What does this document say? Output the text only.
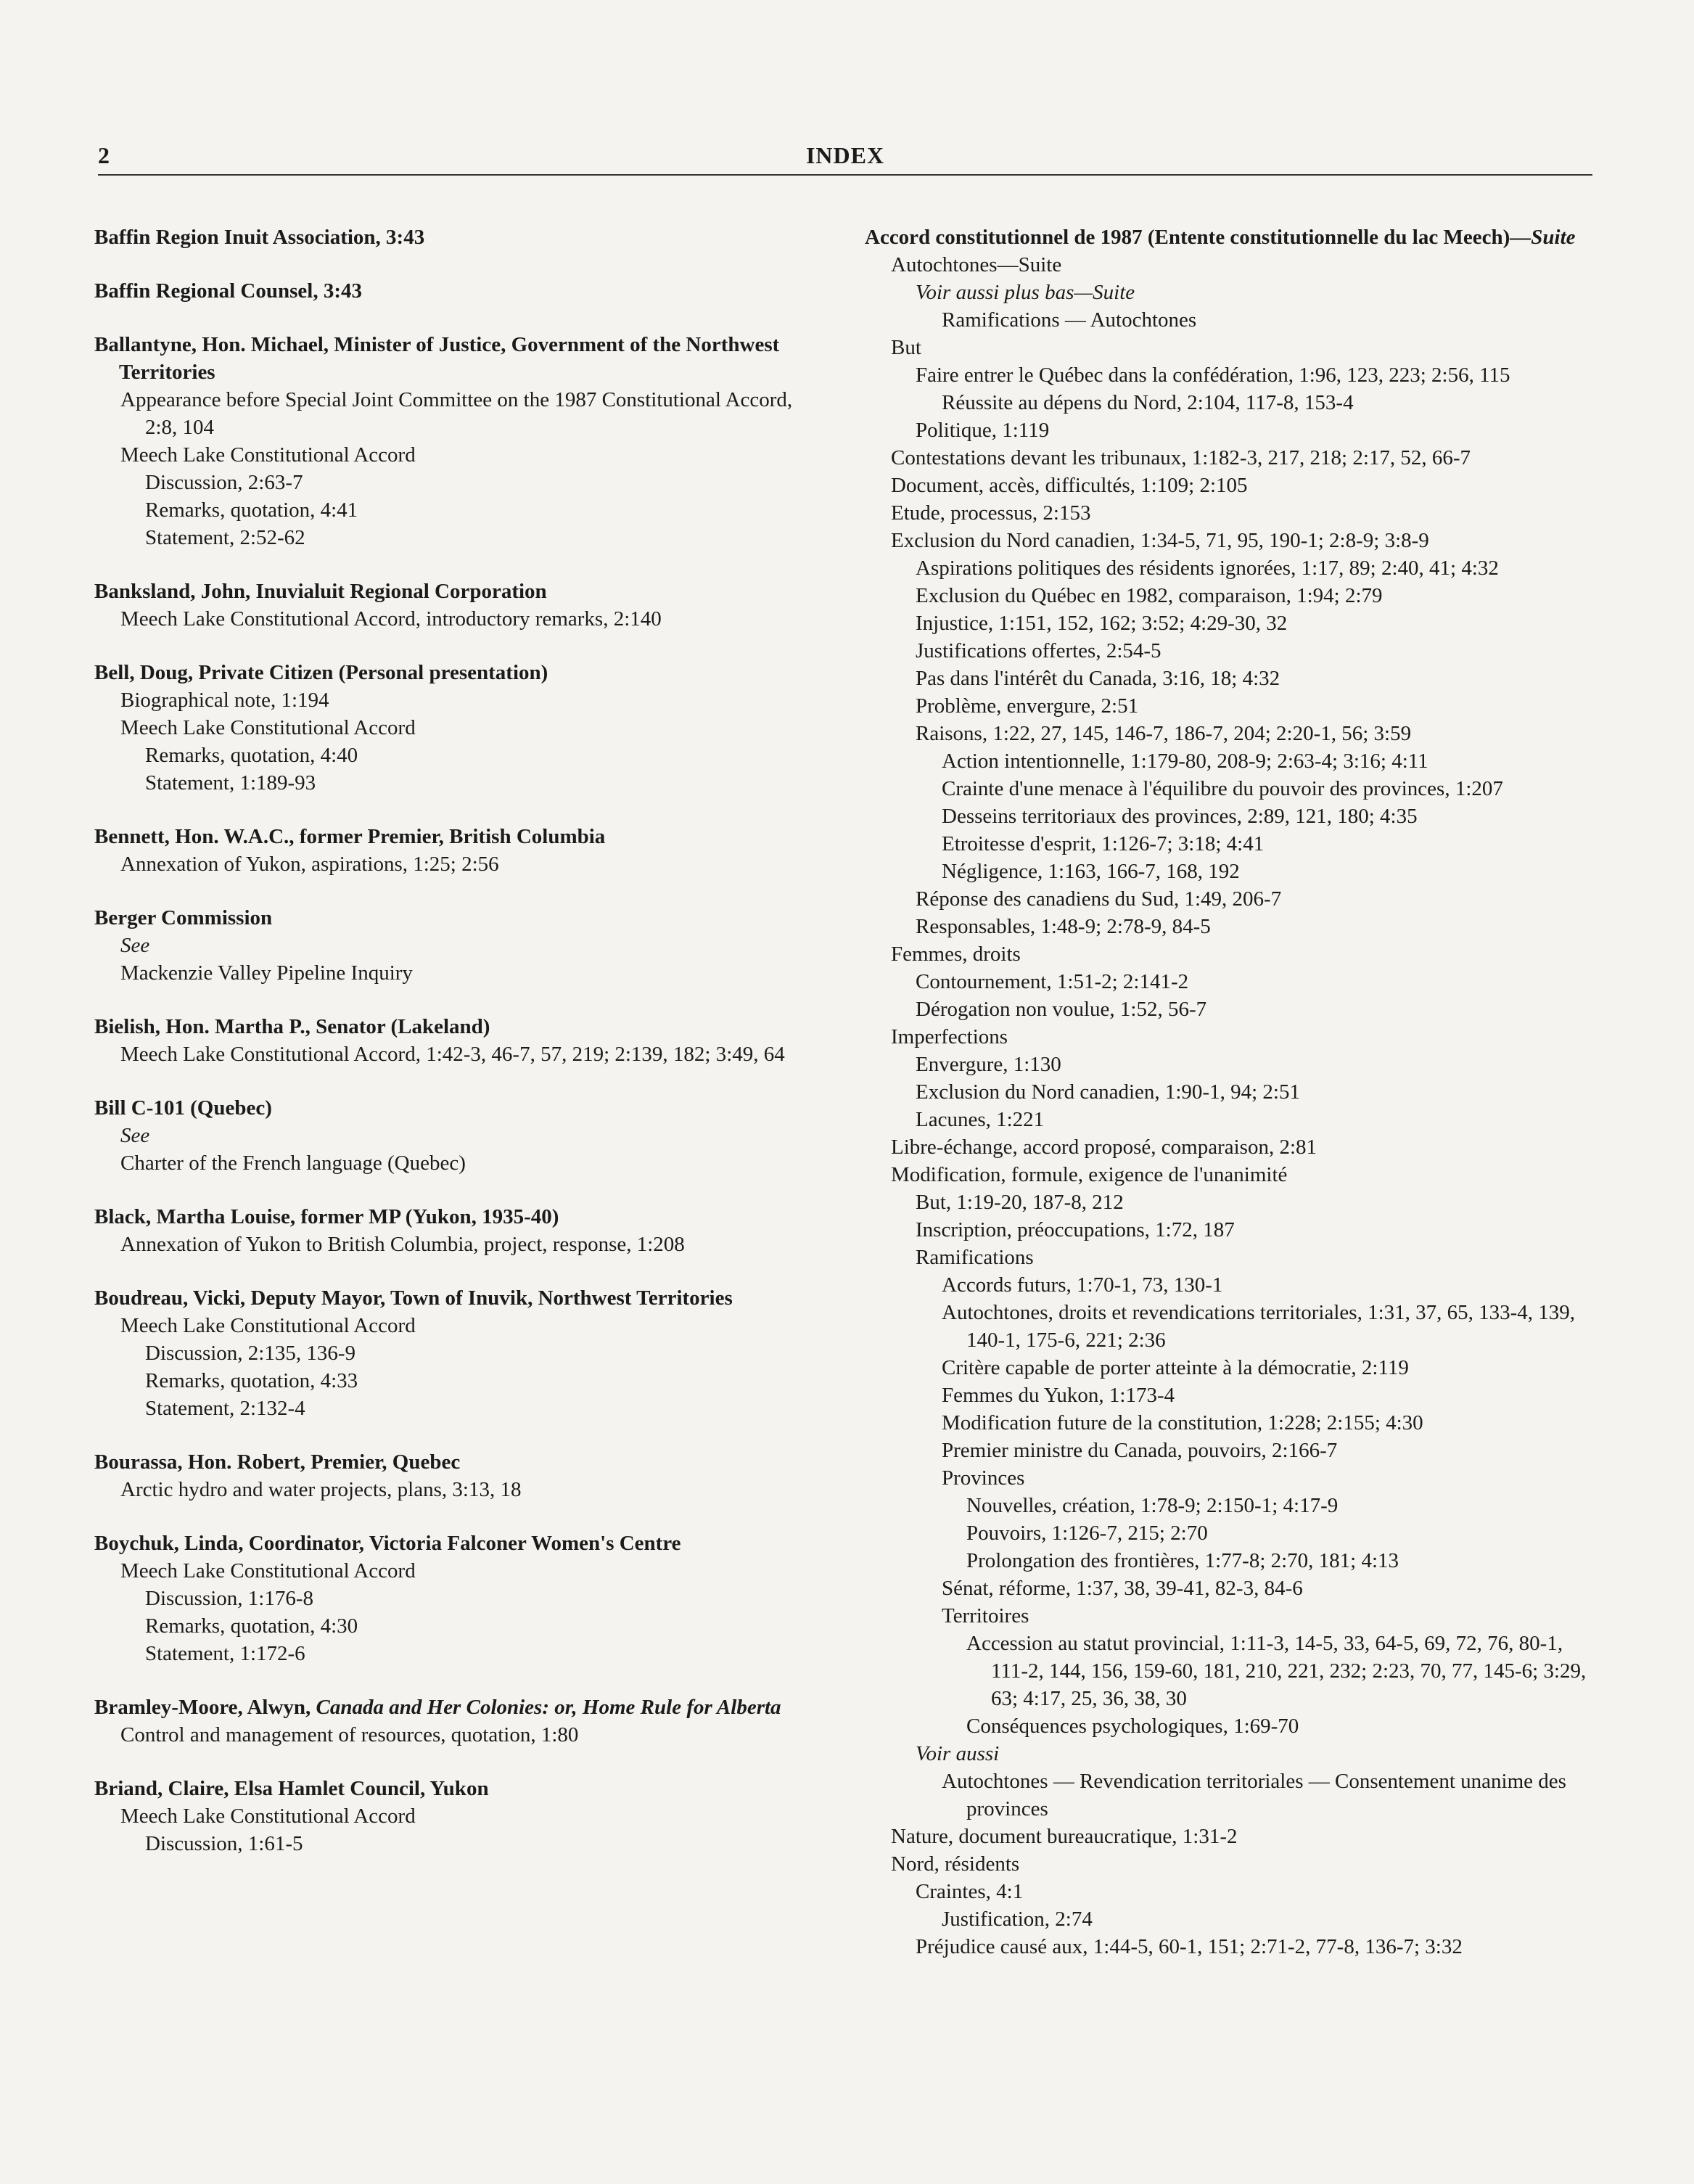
2	INDEX
Baffin Region Inuit Association, 3:43
Baffin Regional Counsel, 3:43
Ballantyne, Hon. Michael, Minister of Justice, Government of the Northwest Territories
Appearance before Special Joint Committee on the 1987 Constitutional Accord, 2:8, 104
Meech Lake Constitutional Accord
Discussion, 2:63-7
Remarks, quotation, 4:41
Statement, 2:52-62
Banksland, John, Inuvialuit Regional Corporation
Meech Lake Constitutional Accord, introductory remarks, 2:140
Bell, Doug, Private Citizen (Personal presentation)
Biographical note, 1:194
Meech Lake Constitutional Accord
Remarks, quotation, 4:40
Statement, 1:189-93
Bennett, Hon. W.A.C., former Premier, British Columbia
Annexation of Yukon, aspirations, 1:25; 2:56
Berger Commission
See
Mackenzie Valley Pipeline Inquiry
Bielish, Hon. Martha P., Senator (Lakeland)
Meech Lake Constitutional Accord, 1:42-3, 46-7, 57, 219; 2:139, 182; 3:49, 64
Bill C-101 (Quebec)
See
Charter of the French language (Quebec)
Black, Martha Louise, former MP (Yukon, 1935-40)
Annexation of Yukon to British Columbia, project, response, 1:208
Boudreau, Vicki, Deputy Mayor, Town of Inuvik, Northwest Territories
Meech Lake Constitutional Accord
Discussion, 2:135, 136-9
Remarks, quotation, 4:33
Statement, 2:132-4
Bourassa, Hon. Robert, Premier, Quebec
Arctic hydro and water projects, plans, 3:13, 18
Boychuk, Linda, Coordinator, Victoria Falconer Women's Centre
Meech Lake Constitutional Accord
Discussion, 1:176-8
Remarks, quotation, 4:30
Statement, 1:172-6
Bramley-Moore, Alwyn, Canada and Her Colonies: or, Home Rule for Alberta
Control and management of resources, quotation, 1:80
Briand, Claire, Elsa Hamlet Council, Yukon
Meech Lake Constitutional Accord
Discussion, 1:61-5
Accord constitutionnel de 1987 (Entente constitutionnelle du lac Meech)—Suite
Autochtones—Suite
Voir aussi plus bas—Suite
Ramifications — Autochtones
But
Faire entrer le Québec dans la confédération, 1:96, 123, 223; 2:56, 115
Réussite au dépens du Nord, 2:104, 117-8, 153-4
Politique, 1:119
Contestations devant les tribunaux, 1:182-3, 217, 218; 2:17, 52, 66-7
Document, accès, difficultés, 1:109; 2:105
Etude, processus, 2:153
Exclusion du Nord canadien, 1:34-5, 71, 95, 190-1; 2:8-9; 3:8-9
Aspirations politiques des résidents ignorées, 1:17, 89; 2:40, 41; 4:32
Exclusion du Québec en 1982, comparaison, 1:94; 2:79
Injustice, 1:151, 152, 162; 3:52; 4:29-30, 32
Justifications offertes, 2:54-5
Pas dans l'intérêt du Canada, 3:16, 18; 4:32
Problème, envergure, 2:51
Raisons, 1:22, 27, 145, 146-7, 186-7, 204; 2:20-1, 56; 3:59
Action intentionnelle, 1:179-80, 208-9; 2:63-4; 3:16; 4:11
Crainte d'une menace à l'équilibre du pouvoir des provinces, 1:207
Desseins territoriaux des provinces, 2:89, 121, 180; 4:35
Etroitesse d'esprit, 1:126-7; 3:18; 4:41
Négligence, 1:163, 166-7, 168, 192
Réponse des canadiens du Sud, 1:49, 206-7
Responsables, 1:48-9; 2:78-9, 84-5
Femmes, droits
Contournement, 1:51-2; 2:141-2
Dérogation non voulue, 1:52, 56-7
Imperfections
Envergure, 1:130
Exclusion du Nord canadien, 1:90-1, 94; 2:51
Lacunes, 1:221
Libre-échange, accord proposé, comparaison, 2:81
Modification, formule, exigence de l'unanimité
But, 1:19-20, 187-8, 212
Inscription, préoccupations, 1:72, 187
Ramifications
Accords futurs, 1:70-1, 73, 130-1
Autochtones, droits et revendications territoriales, 1:31, 37, 65, 133-4, 139, 140-1, 175-6, 221; 2:36
Critère capable de porter atteinte à la démocratie, 2:119
Femmes du Yukon, 1:173-4
Modification future de la constitution, 1:228; 2:155; 4:30
Premier ministre du Canada, pouvoirs, 2:166-7
Provinces
Nouvelles, création, 1:78-9; 2:150-1; 4:17-9
Pouvoirs, 1:126-7, 215; 2:70
Prolongation des frontières, 1:77-8; 2:70, 181; 4:13
Sénat, réforme, 1:37, 38, 39-41, 82-3, 84-6
Territoires
Accession au statut provincial, 1:11-3, 14-5, 33, 64-5, 69, 72, 76, 80-1, 111-2, 144, 156, 159-60, 181, 210, 221, 232; 2:23, 70, 77, 145-6; 3:29, 63; 4:17, 25, 36, 38, 30
Conséquences psychologiques, 1:69-70
Voir aussi
Autochtones — Revendication territoriales — Consentement unanime des provinces
Nature, document bureaucratique, 1:31-2
Nord, résidents
Craintes, 4:1
Justification, 2:74
Préjudice causé aux, 1:44-5, 60-1, 151; 2:71-2, 77-8, 136-7; 3:32
